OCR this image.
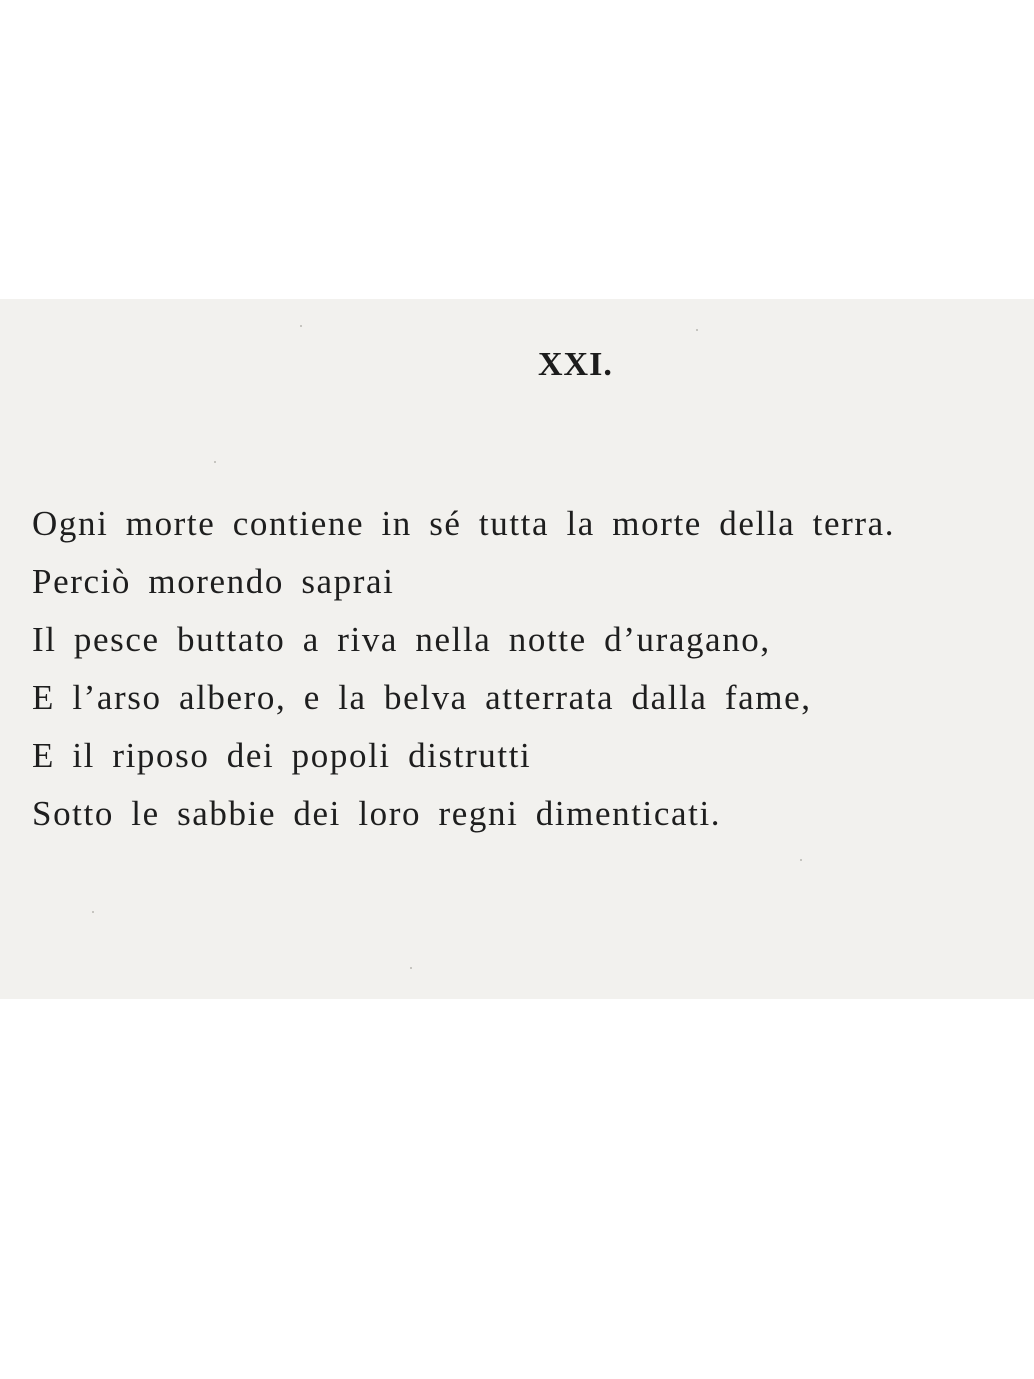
XXI.
Ogni morte contiene in sé tutta la morte della terra.
Perciò morendo saprai
Il pesce buttato a riva nella notte d’uragano,
E l’arso albero, e la belva atterrata dalla fame,
E il riposo dei popoli distrutti
Sotto le sabbie dei loro regni dimenticati.
